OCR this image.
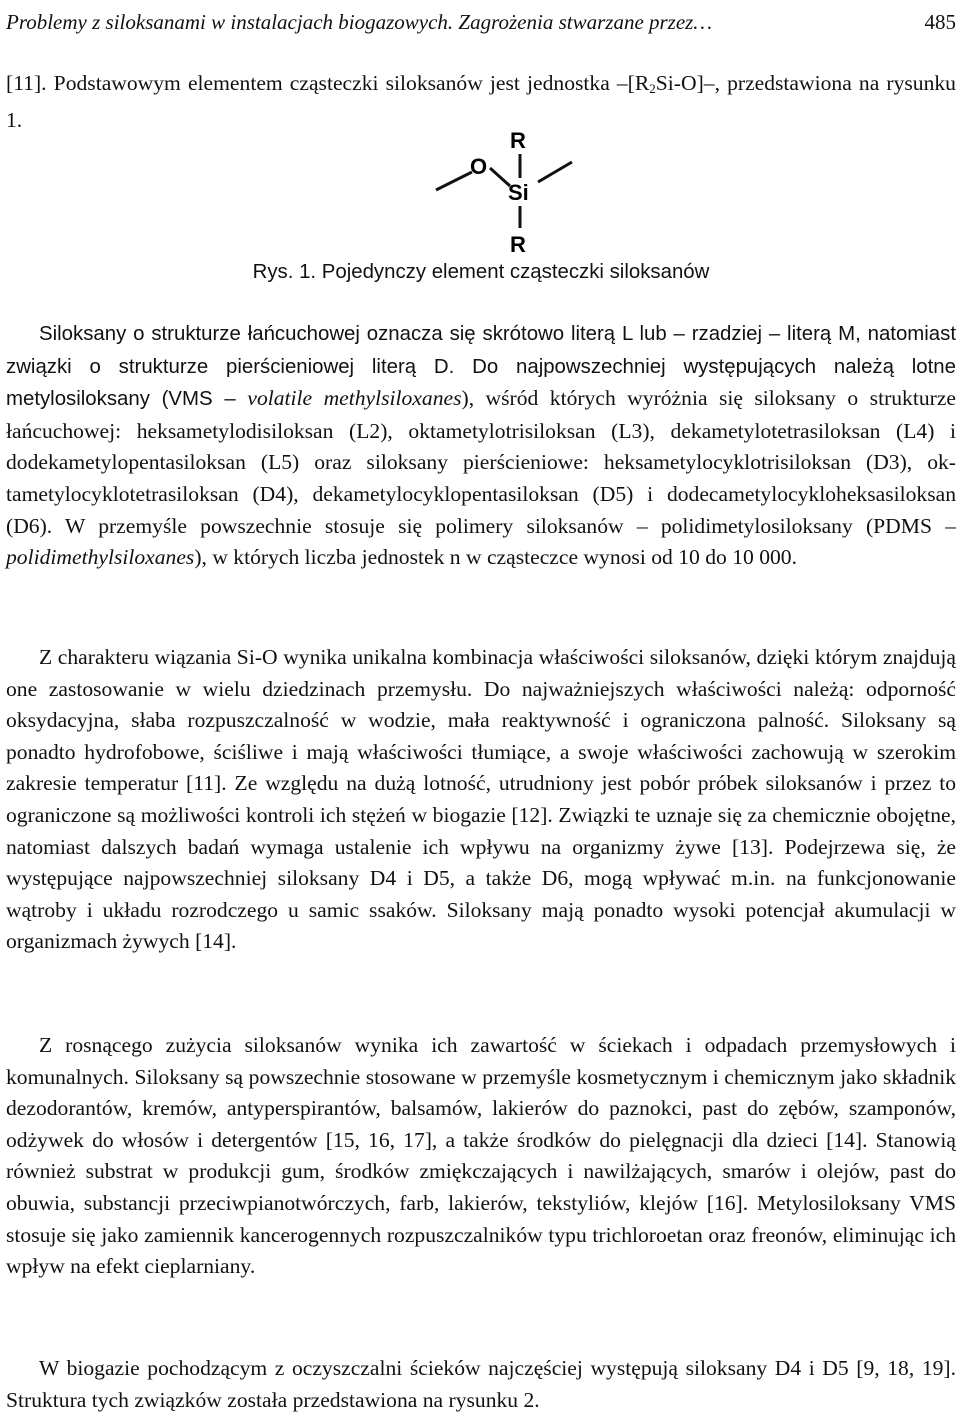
Problemy z siloksanami w instalacjach biogazowych. Zagrożenia stwarzane przez…	485

[11]. Podstawowym elementem cząsteczki siloksanów jest jednostka $-[R_2Si-O]-$, przedstawiona na rysunku 1.

R
O
Si
R
Rys. 1. Pojedynczy element cząsteczki siloksanów

Siloksany o strukturze łańcuchowej oznacza się skrótowo literą L lub – rzadziej – literą M, natomiast związki o strukturze pierścieniowej literą D. Do najpowszechniej występujących należą lotne metylosiloksany (VMS – volatile methylsiloxanes), wśród których wyróżnia się siloksany o strukturze łańcuchowej: heksametylodisiloksan (L2), oktametylotrisiloksan (L3), dekametylotetrasiloksan (L4) i dodekametylopentasiloksan (L5) oraz siloksany pierścieniowe: heksametylocyklotrisiloksan (D3), oktametylocyklotetrasiloksan (D4), dekametylocyklopentasiloksan (D5) i dodecametylocykloheksasiloksan (D6). W przemyśle powszechnie stosuje się polimery siloksanów – polidimetylosiloksany (PDMS – polidimethylsiloxanes), w których liczba jednostek n w cząsteczce wynosi od 10 do 10 000.

Z charakteru wiązania Si-O wynika unikalna kombinacja właściwości siloksanów, dzięki którym znajdują one zastosowanie w wielu dziedzinach przemysłu. Do najważniejszych właściwości należą: odporność oksydacyjna, słaba rozpuszczalność w wodzie, mała reaktywność i ograniczona palność. Siloksany są ponadto hydrofobowe, ściśliwe i mają właściwości tłumiące, a swoje właściwości zachowują w szerokim zakresie temperatur [11]. Ze względu na dużą lotność, utrudniony jest pobór próbek siloksanów i przez to ograniczone są możliwości kontroli ich stężeń w biogazie [12]. Związki te uznaje się za chemicznie obojętne, natomiast dalszych badań wymaga ustalenie ich wpływu na organizmy żywe [13]. Podejrzewa się, że występujące najpowszechniej siloksany D4 i D5, a także D6, mogą wpływać m.in. na funkcjonowanie wątroby i układu rozrodczego u samic ssaków. Siloksany mają ponadto wysoki potencjał akumulacji w organizmach żywych [14].

Z rosnącego zużycia siloksanów wynika ich zawartość w ściekach i odpadach przemysłowych i komunalnych. Siloksany są powszechnie stosowane w przemyśle kosmetycznym i chemicznym jako składnik dezodorantów, kremów, antyperspirantów, balsamów, lakierów do paznokci, past do zębów, szamponów, odżywek do włosów i detergentów [15, 16, 17], a także środków do pielęgnacji dla dzieci [14]. Stanowią również substrat w produkcji gum, środków zmiękczających i nawilżających, smarów i olejów, past do obuwia, substancji przeciwpianotwórczych, farb, lakierów, tekstyliów, klejów [16]. Metylosiloksany VMS stosuje się jako zamiennik kancerogennych rozpuszczalników typu trichloroetan oraz freonów, eliminując ich wpływ na efekt cieplarniany.

W biogazie pochodzącym z oczyszczalni ścieków najczęściej występują siloksany D4 i D5 [9, 18, 19]. Struktura tych związków została przedstawiona na rysunku 2.
